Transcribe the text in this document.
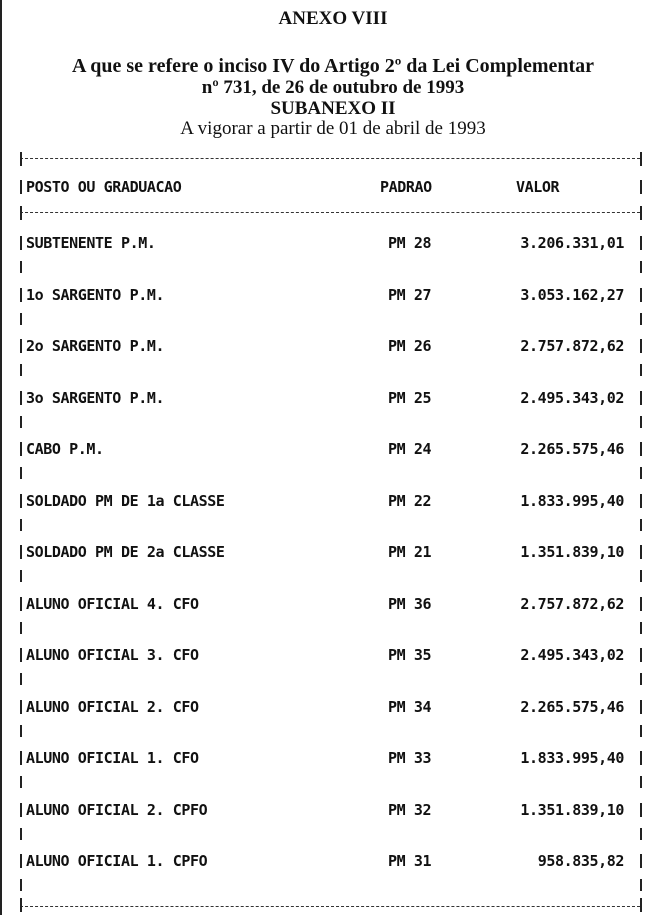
ANEXO VIII
A que se refere o inciso IV do Artigo 2º da Lei Complementar
nº 731, de 26 de outubro de 1993
SUBANEXO II
A vigorar a partir de 01 de abril de 1993
POSTO OU GRADUACAO	PADRAO	VALOR
SUBTENENTE P.M.	PM 28	3.206.331,01
1o SARGENTO P.M.	PM 27	3.053.162,27
2o SARGENTO P.M.	PM 26	2.757.872,62
3o SARGENTO P.M.	PM 25	2.495.343,02
CABO P.M.	PM 24	2.265.575,46
SOLDADO PM DE 1a CLASSE	PM 22	1.833.995,40
SOLDADO PM DE 2a CLASSE	PM 21	1.351.839,10
ALUNO OFICIAL 4. CFO	PM 36	2.757.872,62
ALUNO OFICIAL 3. CFO	PM 35	2.495.343,02
ALUNO OFICIAL 2. CFO	PM 34	2.265.575,46
ALUNO OFICIAL 1. CFO	PM 33	1.833.995,40
ALUNO OFICIAL 2. CPFO	PM 32	1.351.839,10
ALUNO OFICIAL 1. CPFO	PM 31	958.835,82
